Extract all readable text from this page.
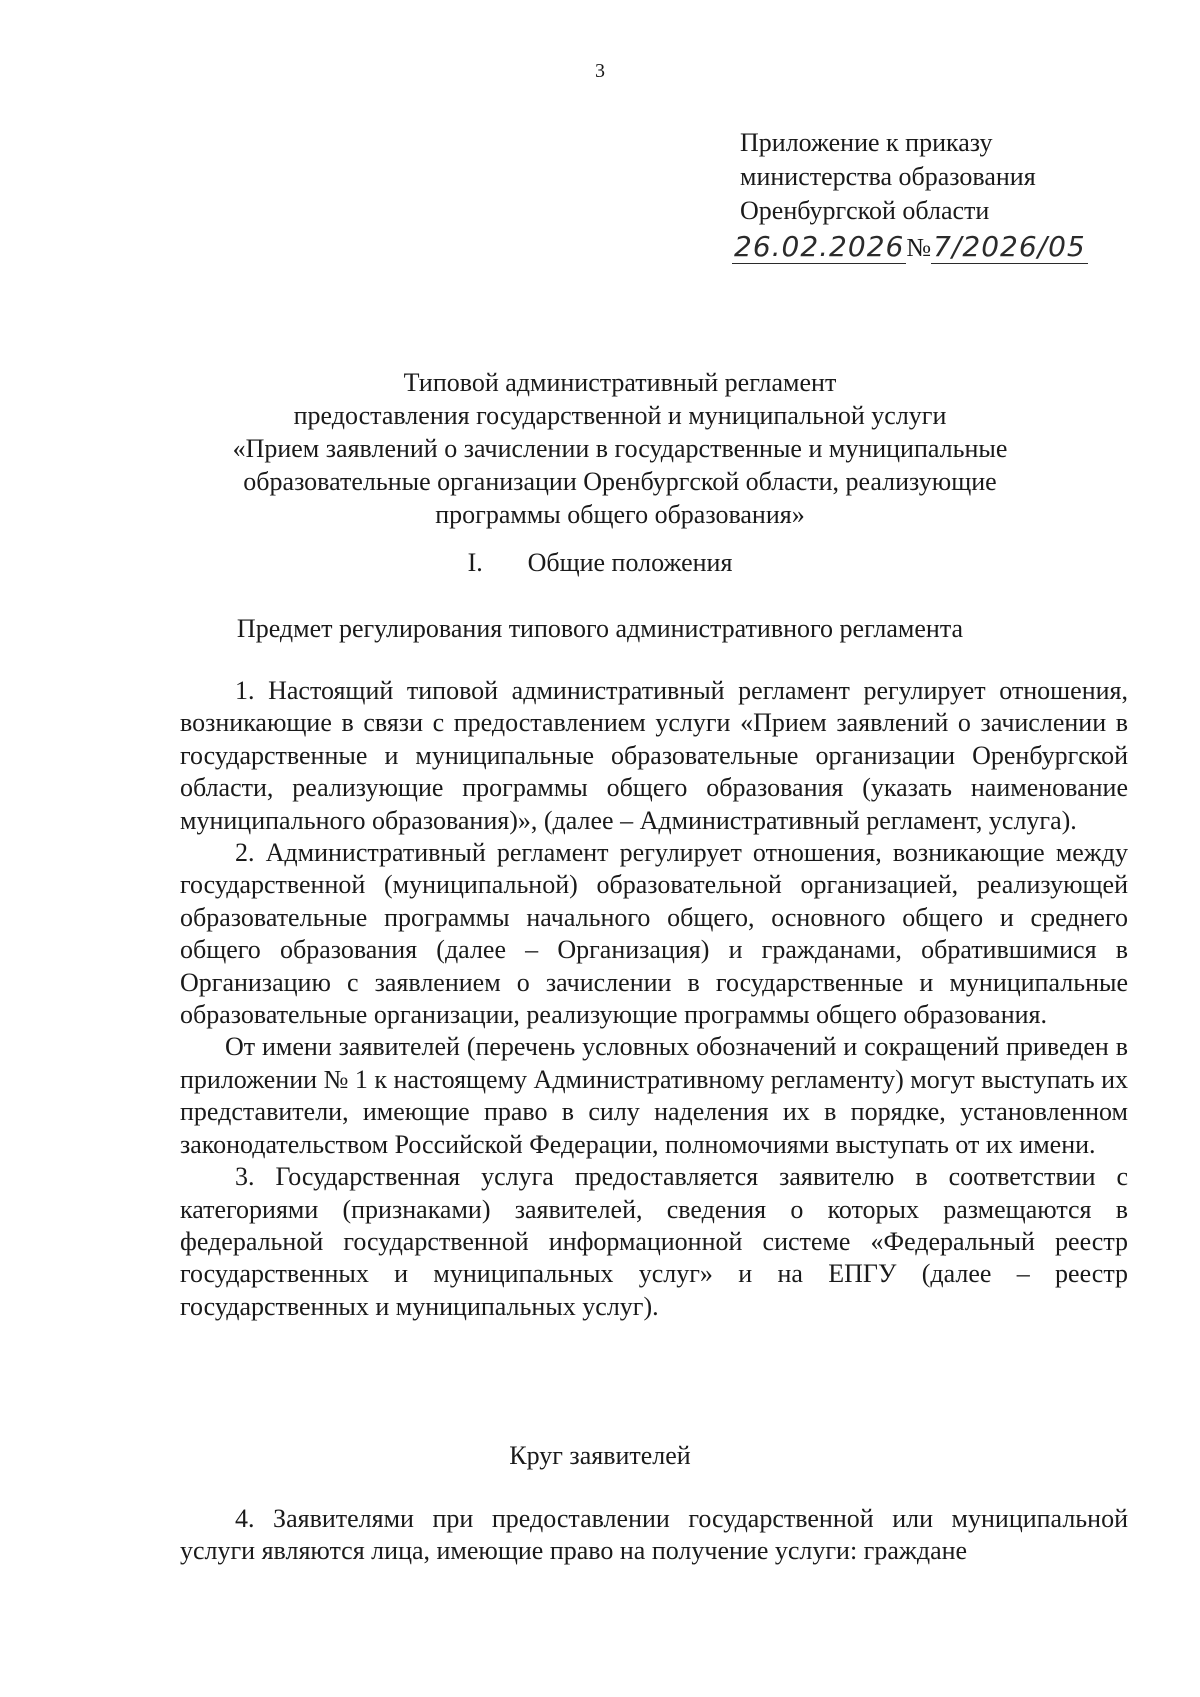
3
Приложение к приказу
министерства образования
Оренбургской области
26.02.2026№7/2026/05
Типовой административный регламент
предоставления государственной и муниципальной услуги
«Прием заявлений о зачислении в государственные и муниципальные
образовательные организации Оренбургской области, реализующие
программы общего образования»
I. Общие положения
Предмет регулирования типового административного регламента

1. Настоящий типовой административный регламент регулирует отношения, возникающие в связи с предоставлением услуги «Прием заявлений о зачислении в государственные и муниципальные образовательные организации Оренбургской области, реализующие программы общего образования (указать наименование муниципального образования)», (далее – Административный регламент, услуга).

2. Административный регламент регулирует отношения, возникающие между государственной (муниципальной) образовательной организацией, реализующей образовательные программы начального общего, основного общего и среднего общего образования (далее – Организация) и гражданами, обратившимися в Организацию с заявлением о зачислении в государственные и муниципальные образовательные организации, реализующие программы общего образования.

От имени заявителей (перечень условных обозначений и сокращений приведен в приложении № 1 к настоящему Административному регламенту) могут выступать их представители, имеющие право в силу наделения их в порядке, установленном законодательством Российской Федерации, полномочиями выступать от их имени.

3. Государственная услуга предоставляется заявителю в соответствии с категориями (признаками) заявителей, сведения о которых размещаются в федеральной государственной информационной системе «Федеральный реестр государственных и муниципальных услуг» и на ЕПГУ (далее – реестр государственных и муниципальных услуг).

Круг заявителей

4. Заявителями при предоставлении государственной или муниципальной услуги являются лица, имеющие право на получение услуги: граждане
